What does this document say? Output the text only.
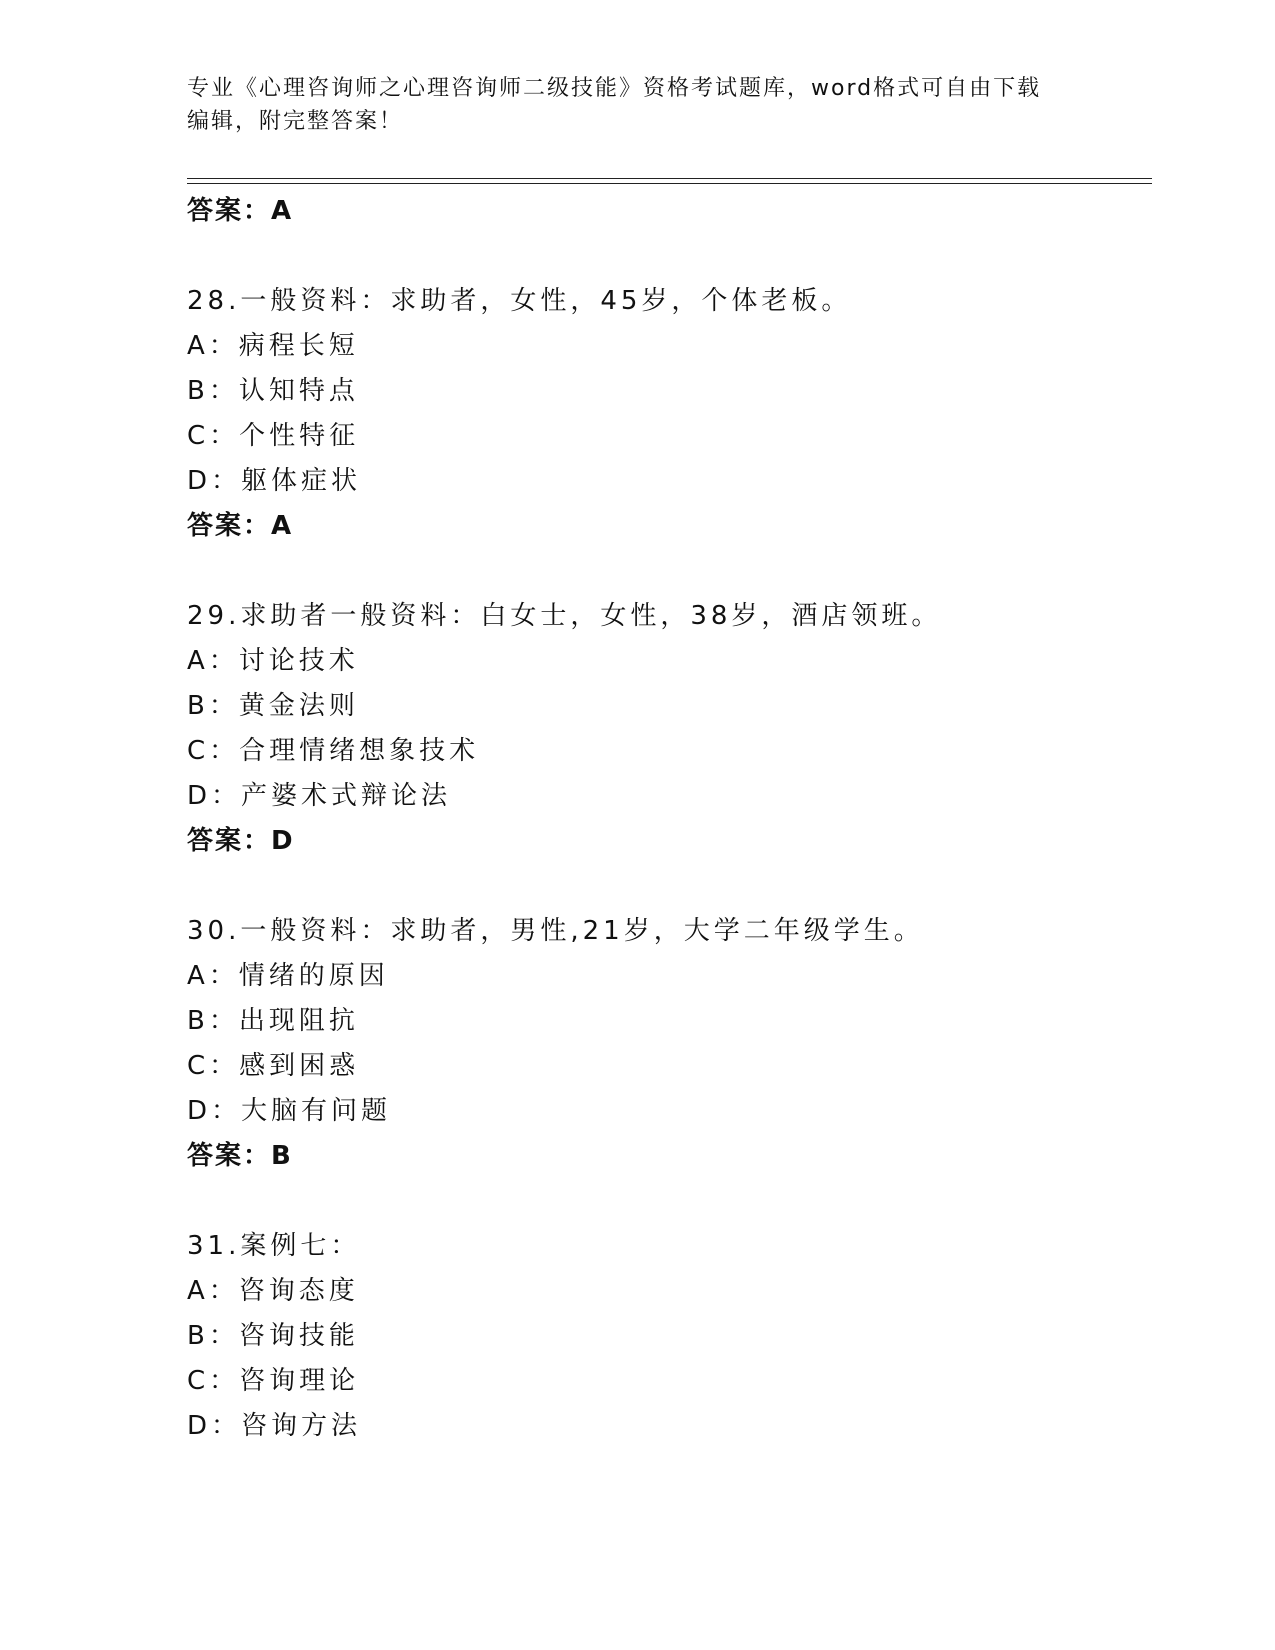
专业《心理咨询师之心理咨询师二级技能》资格考试题库，word格式可自由下载
编辑，附完整答案！
答案：A
28.一般资料：求助者，女性，45岁，个体老板。
A：病程长短
B：认知特点
C：个性特征
D：躯体症状
答案：A
29.求助者一般资料：白女士，女性，38岁，酒店领班。
A：讨论技术
B：黄金法则
C：合理情绪想象技术
D：产婆术式辩论法
答案：D
30.一般资料：求助者，男性,21岁，大学二年级学生。
A：情绪的原因
B：出现阻抗
C：感到困惑
D：大脑有问题
答案：B
31.案例七：
A：咨询态度
B：咨询技能
C：咨询理论
D：咨询方法
